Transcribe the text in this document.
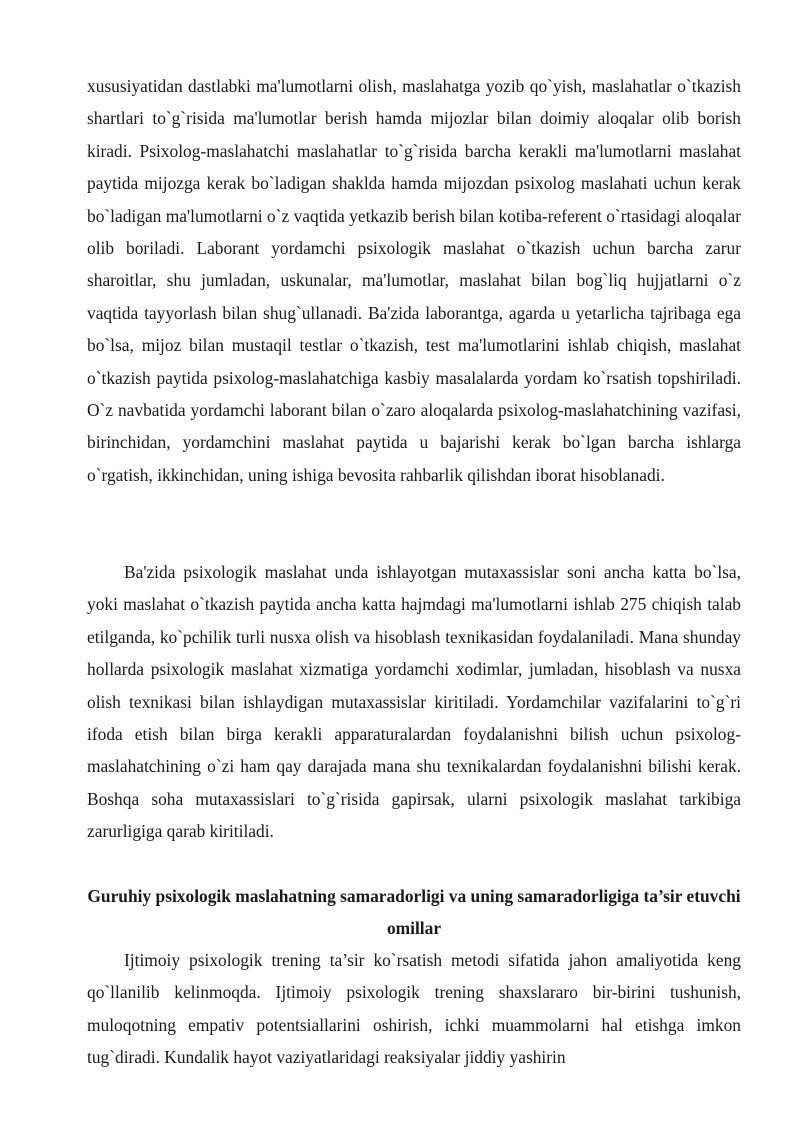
xususiyatidan dastlabki ma'lumotlarni olish, maslahatga yozib qo`yish, maslahatlar o`tkazish shartlari to`g`risida ma'lumotlar berish hamda mijozlar bilan doimiy aloqalar olib borish kiradi. Psixolog-maslahatchi maslahatlar to`g`risida barcha kerakli ma'lumotlarni maslahat paytida mijozga kerak bo`ladigan shaklda hamda mijozdan psixolog maslahati uchun kerak bo`ladigan ma'lumotlarni o`z vaqtida yetkazib berish bilan kotiba-referent o`rtasidagi aloqalar olib boriladi. Laborant yordamchi psixologik maslahat o`tkazish uchun barcha zarur sharoitlar, shu jumladan, uskunalar, ma'lumotlar, maslahat bilan bog`liq hujjatlarni o`z vaqtida tayyorlash bilan shug`ullanadi. Ba'zida laborantga, agarda u yetarlicha tajribaga ega bo`lsa, mijoz bilan mustaqil testlar o`tkazish, test ma'lumotlarini ishlab chiqish, maslahat o`tkazish paytida psixolog-maslahatchiga kasbiy masalalarda yordam ko`rsatish topshiriladi. O`z navbatida yordamchi laborant bilan o`zaro aloqalarda psixolog-maslahatchining vazifasi, birinchidan, yordamchini maslahat paytida u bajarishi kerak bo`lgan barcha ishlarga o`rgatish, ikkinchidan, uning ishiga bevosita rahbarlik qilishdan iborat hisoblanadi.

Ba'zida psixologik maslahat unda ishlayotgan mutaxassislar soni ancha katta bo`lsa, yoki maslahat o`tkazish paytida ancha katta hajmdagi ma'lumotlarni ishlab 275 chiqish talab etilganda, ko`pchilik turli nusxa olish va hisoblash texnikasidan foydalaniladi. Mana shunday hollarda psixologik maslahat xizmatiga yordamchi xodimlar, jumladan, hisoblash va nusxa olish texnikasi bilan ishlaydigan mutaxassislar kiritiladi. Yordamchilar vazifalarini to`g`ri ifoda etish bilan birga kerakli apparaturalardan foydalanishni bilish uchun psixolog-maslahatchining o`zi ham qay darajada mana shu texnikalardan foydalanishni bilishi kerak. Boshqa soha mutaxassislari to`g`risida gapirsak, ularni psixologik maslahat tarkibiga zarurligiga qarab kiritiladi.

Guruhiy psixologik maslahatning samaradorligi va uning samaradorligiga ta’sir etuvchi omillar

Ijtimoiy psixologik trening ta’sir ko`rsatish metodi sifatida jahon amaliyotida keng qo`llanilib kelinmoqda. Ijtimoiy psixologik trening shaxslararo bir-birini tushunish, muloqotning empativ potentsiallarini oshirish, ichki muammolarni hal etishga imkon tug`diradi. Kundalik hayot vaziyatlaridagi reaksiyalar jiddiy yashirin
